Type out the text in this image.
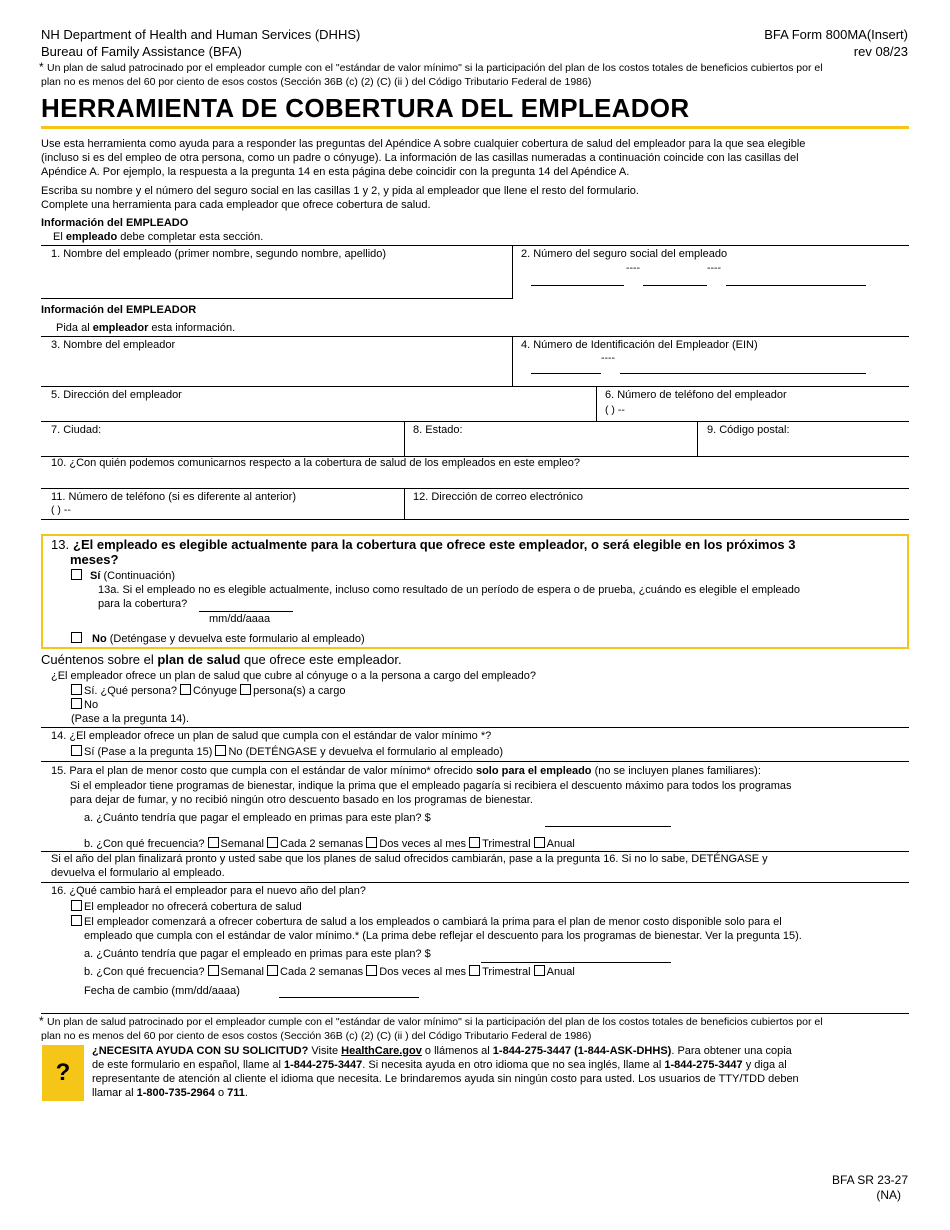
NH Department of Health and Human Services (DHHS)
Bureau of Family Assistance (BFA)
BFA Form 800MA(Insert)
rev 08/23
* Un plan de salud patrocinado por el empleador cumple con el "estándar de valor mínimo" si la participación del plan de los costos totales de beneficios cubiertos por el
plan no es menos del 60 por ciento de esos costos (Sección 36B (c) (2) (C) (ii ) del Código Tributario Federal de 1986)
HERRAMIENTA DE COBERTURA DEL EMPLEADOR
Use esta herramienta como ayuda para a responder las preguntas del Apéndice A sobre cualquier cobertura de salud del empleador para la que sea elegible
(incluso si es del empleo de otra persona, como un padre o cónyuge). La información de las casillas numeradas a continuación coincide con las casillas del
Apéndice A. Por ejemplo, la respuesta a la pregunta 14 en esta página debe coincidir con la pregunta 14 del Apéndice A.
Escriba su nombre y el número del seguro social en las casillas 1 y 2, y pida al empleador que llene el resto del formulario.
Complete una herramienta para cada empleador que ofrece cobertura de salud.
Información del EMPLEADO
El empleado debe completar esta sección.
1. Nombre del empleado (primer nombre, segundo nombre, apellido)	2. Número del seguro social del empleado
----	----
Información del EMPLEADOR
Pida al empleador esta información.
3. Nombre del empleador	4. Número de Identificación del Empleador (EIN)
----
5. Dirección del empleador	6. Número de teléfono del empleador
( ) --
7. Ciudad:	8. Estado:	9. Código postal:
10. ¿Con quién podemos comunicarnos respecto a la cobertura de salud de los empleados en este empleo?
11. Número de teléfono (si es diferente al anterior)
( ) --
12. Dirección de correo electrónico
13. ¿El empleado es elegible actualmente para la cobertura que ofrece este empleador, o será elegible en los próximos 3
meses?
Sí (Continuación)
13a. Si el empleado no es elegible actualmente, incluso como resultado de un período de espera o de prueba, ¿cuándo es elegible el empleado
para la cobertura?
mm/dd/aaaa
No (Deténgase y devuelva este formulario al empleado)
Cuéntenos sobre el plan de salud que ofrece este empleador.
¿El empleador ofrece un plan de salud que cubre al cónyuge o a la persona a cargo del empleado?
Sí. ¿Qué persona? Cónyuge persona(s) a cargo
No
(Pase a la pregunta 14).
14. ¿El empleador ofrece un plan de salud que cumpla con el estándar de valor mínimo *?
Sí (Pase a la pregunta 15) No (DETÉNGASE y devuelva el formulario al empleado)
15. Para el plan de menor costo que cumpla con el estándar de valor mínimo* ofrecido solo para el empleado (no se incluyen planes familiares):
Si el empleador tiene programas de bienestar, indique la prima que el empleado pagaría si recibiera el descuento máximo para todos los programas
para dejar de fumar, y no recibió ningún otro descuento basado en los programas de bienestar.
a. ¿Cuánto tendría que pagar el empleado en primas para este plan? $
b. ¿Con qué frecuencia? Semanal Cada 2 semanas Dos veces al mes Trimestral Anual
Si el año del plan finalizará pronto y usted sabe que los planes de salud ofrecidos cambiarán, pase a la pregunta 16. Si no lo sabe, DETÉNGASE y
devuelva el formulario al empleado.
16. ¿Qué cambio hará el empleador para el nuevo año del plan?
El empleador no ofrecerá cobertura de salud
El empleador comenzará a ofrecer cobertura de salud a los empleados o cambiará la prima para el plan de menor costo disponible solo para el
empleado que cumpla con el estándar de valor mínimo.* (La prima debe reflejar el descuento para los programas de bienestar. Ver la pregunta 15).
a. ¿Cuánto tendría que pagar el empleado en primas para este plan? $
b. ¿Con qué frecuencia? Semanal Cada 2 semanas Dos veces al mes Trimestral Anual
Fecha de cambio (mm/dd/aaaa)
* Un plan de salud patrocinado por el empleador cumple con el "estándar de valor mínimo" si la participación del plan de los costos totales de beneficios cubiertos por el
plan no es menos del 60 por ciento de esos costos (Sección 36B (c) (2) (C) (ii ) del Código Tributario Federal de 1986)
?
¿NECESITA AYUDA CON SU SOLICITUD? Visite HealthCare.gov o llámenos al 1-844-275-3447 (1-844-ASK-DHHS). Para obtener una copia
de este formulario en español, llame al 1-844-275-3447. Si necesita ayuda en otro idioma que no sea inglés, llame al 1-844-275-3447 y diga al
representante de atención al cliente el idioma que necesita. Le brindaremos ayuda sin ningún costo para usted. Los usuarios de TTY/TDD deben
llamar al 1-800-735-2964 o 711.
BFA SR 23-27
(NA)
